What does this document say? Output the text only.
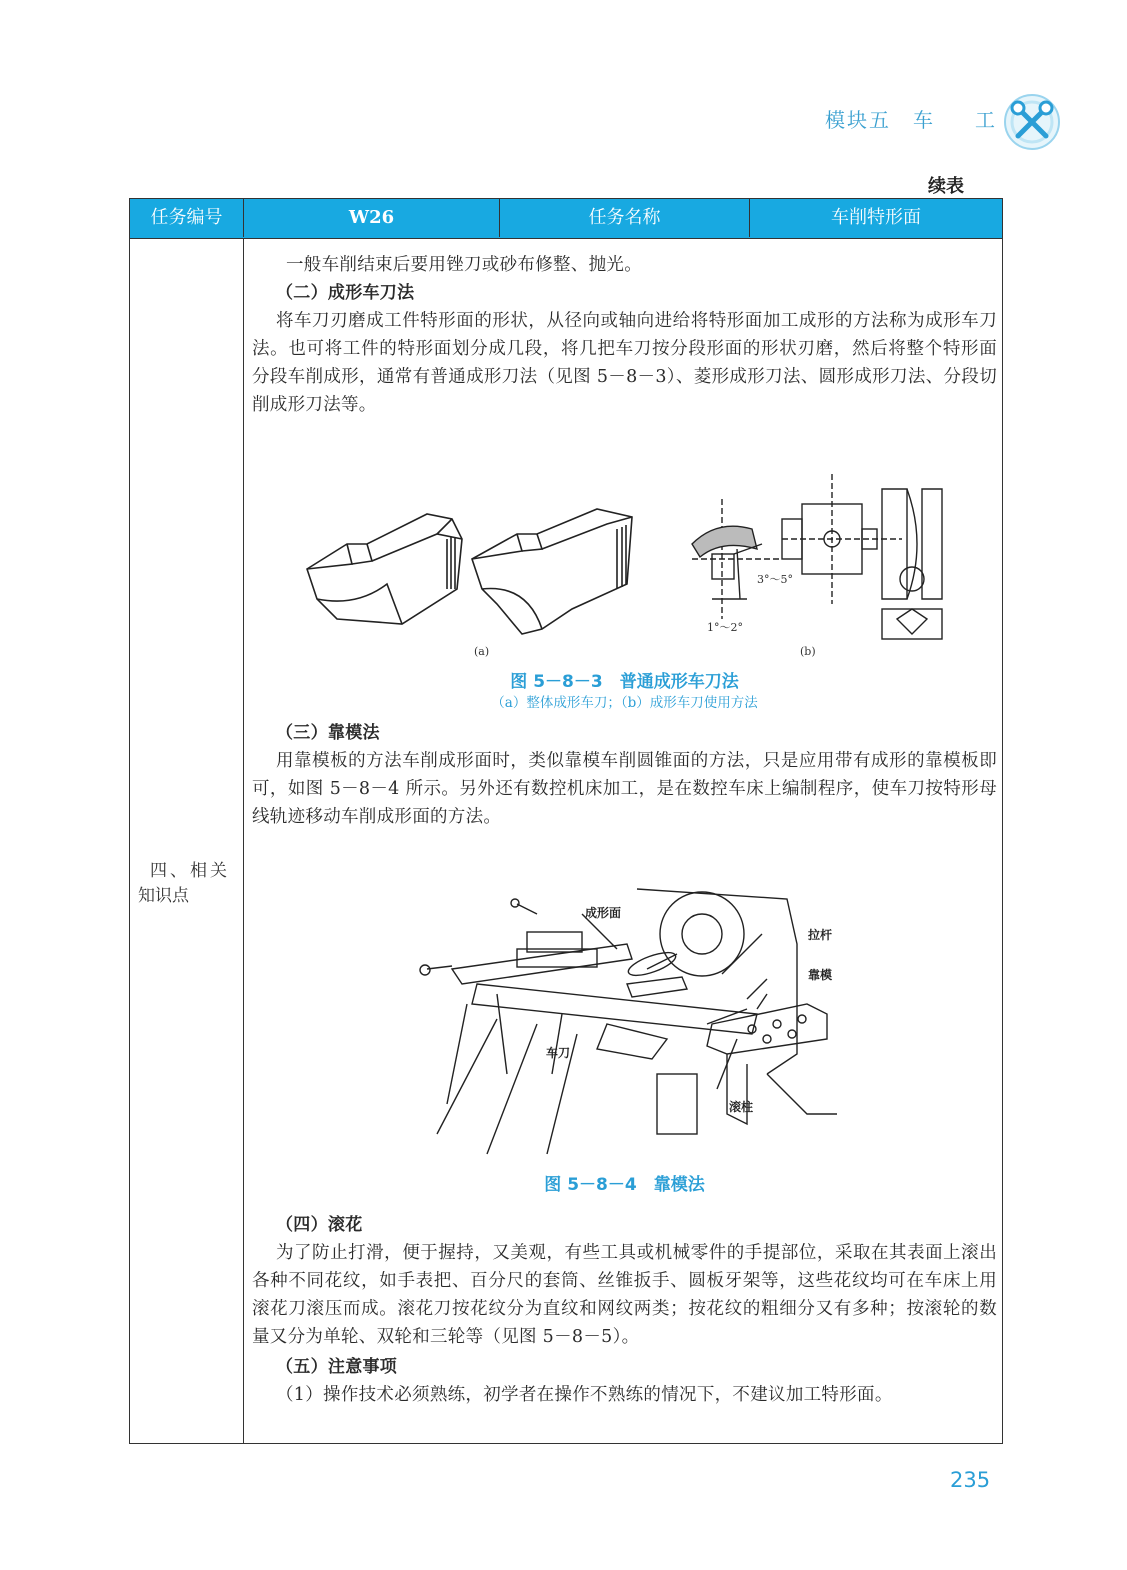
模块五 车 工
续表
任务编号	W26	任务名称	车削特形面
四、相关
知识点
一般车削结束后要用锉刀或砂布修整、抛光。
（二）成形车刀法
将车刀刃磨成工件特形面的形状，从径向或轴向进给将特形面加工成形的方法称为成形车刀法。也可将工件的特形面划分成几段，将几把车刀按分段形面的形状刃磨，然后将整个特形面分段车削成形，通常有普通成形刀法（见图 5－8－3）、菱形成形刀法、圆形成形刀法、分段切削成形刀法等。
3°～5°
1°～2°
(a)	(b)
图 5－8－3　普通成形车刀法
（a）整体成形车刀；（b）成形车刀使用方法
（三）靠模法
用靠模板的方法车削成形面时，类似靠模车削圆锥面的方法，只是应用带有成形的靠模板即可，如图 5－8－4 所示。另外还有数控机床加工，是在数控车床上编制程序，使车刀按特形母线轨迹移动车削成形面的方法。
成形面
拉杆
靠模
车刀
滚柱
图 5－8－4　靠模法
（四）滚花
为了防止打滑，便于握持，又美观，有些工具或机械零件的手提部位，采取在其表面上滚出各种不同花纹，如手表把、百分尺的套筒、丝锥扳手、圆板牙架等，这些花纹均可在车床上用滚花刀滚压而成。滚花刀按花纹分为直纹和网纹两类；按花纹的粗细分又有多种；按滚轮的数量又分为单轮、双轮和三轮等（见图 5－8－5）。
（五）注意事项
（1）操作技术必须熟练，初学者在操作不熟练的情况下，不建议加工特形面。
235
